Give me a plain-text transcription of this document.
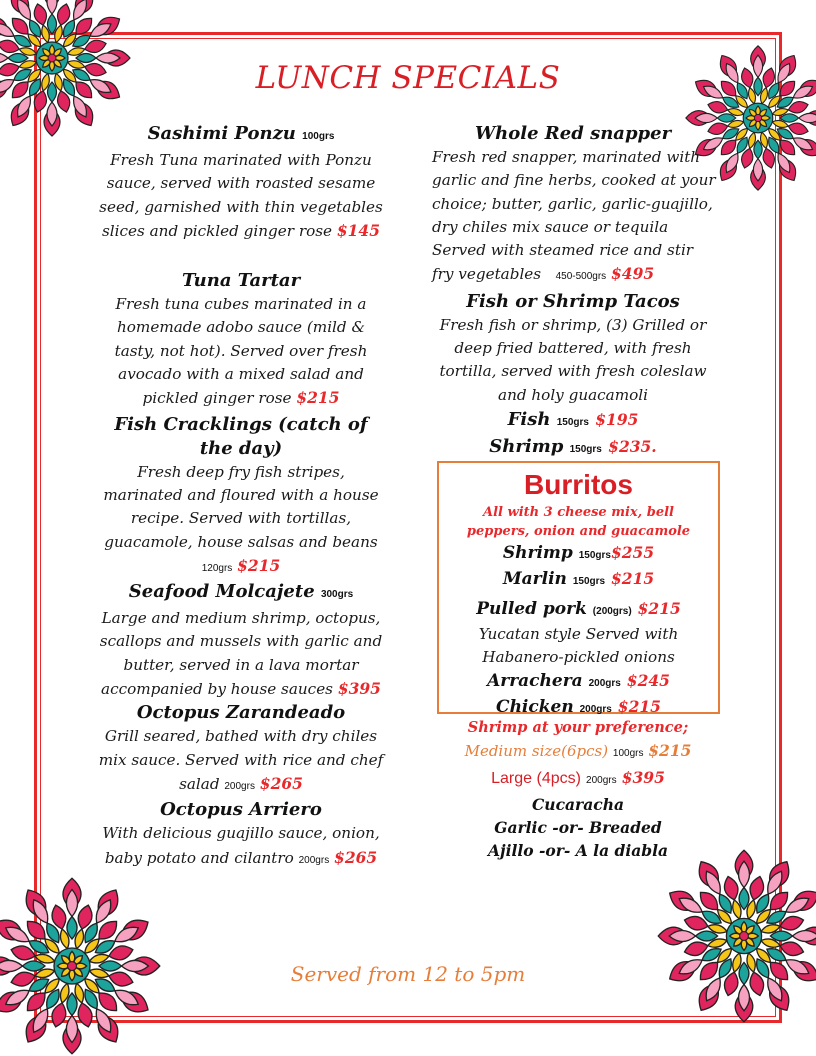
LUNCH SPECIALS
Sashimi Ponzu 100grs
Fresh Tuna marinated with Ponzu sauce, served with roasted sesame seed, garnished with thin vegetables slices and pickled ginger rose $145
Tuna Tartar
Fresh tuna cubes marinated in a homemade adobo sauce (mild & tasty, not hot). Served over fresh avocado with a mixed salad and pickled ginger rose $215
Fish Cracklings (catch of the day)
Fresh deep fry fish stripes, marinated and floured with a house recipe. Served with tortillas, guacamole, house salsas and beans 120grs $215
Seafood Molcajete 300grs
Large and medium shrimp, octopus, scallops and mussels with garlic and butter, served in a lava mortar accompanied by house sauces $395
Octopus Zarandeado
Grill seared, bathed with dry chiles mix sauce. Served with rice and chef salad 200grs $265
Octopus Arriero
With delicious guajillo sauce, onion, baby potato and cilantro 200grs $265
Whole Red snapper
Fresh red snapper, marinated with garlic and fine herbs, cooked at your choice; butter, garlic, garlic-guajillo, dry chiles mix sauce or tequila Served with steamed rice and stir fry vegetables 450-500grs $495
Fish or Shrimp Tacos
Fresh fish or shrimp, (3) Grilled or deep fried battered, with fresh tortilla, served with fresh coleslaw and holy guacamoli
Fish 150grs $195
Shrimp 150grs $235.
Burritos
All with 3 cheese mix, bell peppers, onion and guacamole
Shrimp 150grs$255
Marlin 150grs $215
Pulled pork (200grs) $215
Yucatan style Served with Habanero-pickled onions
Arrachera 200grs $245
Chicken 200grs $215
Shrimp at your preference;
Medium size(6pcs) 100grs $215
Large (4pcs) 200grs $395
Cucaracha
Garlic -or- Breaded
Ajillo -or- A la diabla
Served from 12 to 5pm
